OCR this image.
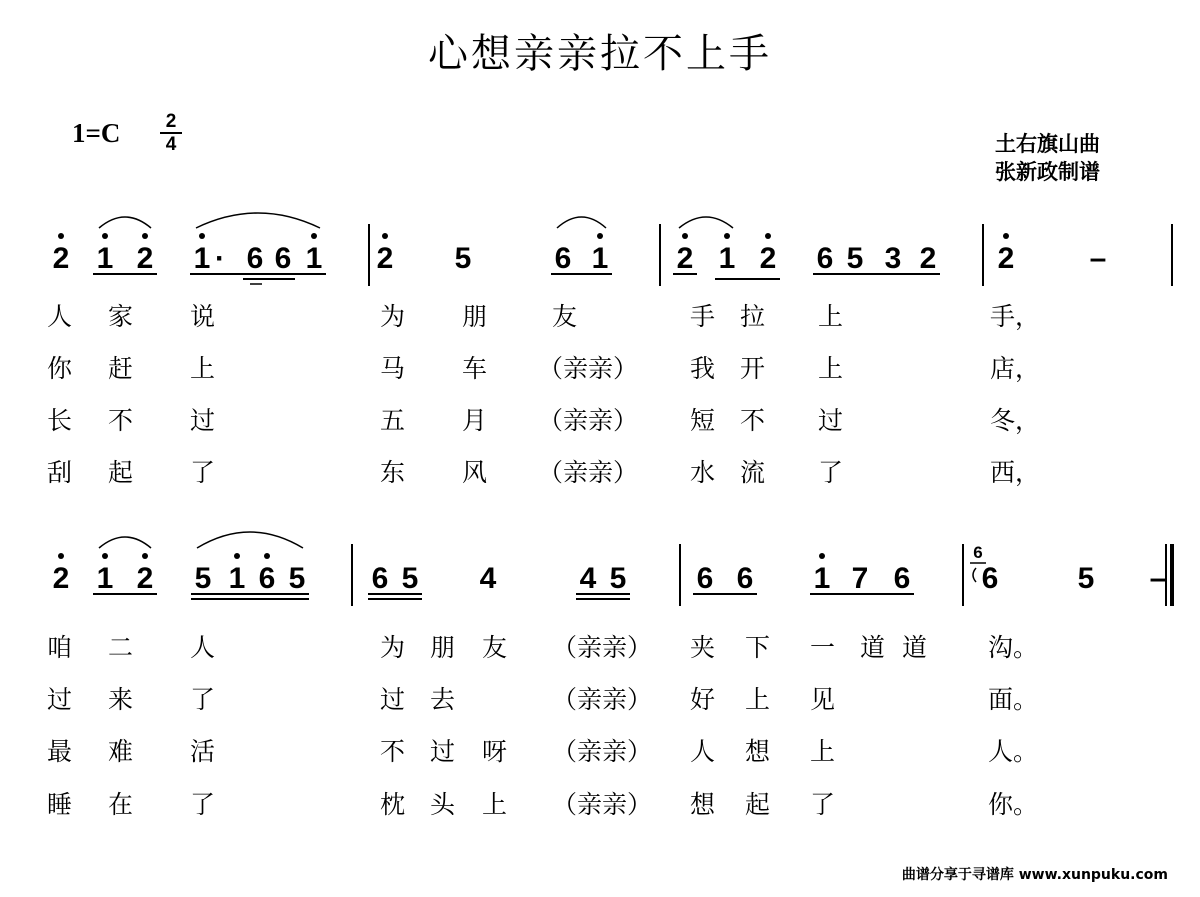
心想亲亲拉不上手
1=C	2
4	土右旗山曲
张新政制谱
2 1 2 1 · 6 6 1 2 5	6 1 2 1 2 6 5 3 2 2	–
人 家 说	为 朋	友	手 拉 上	手，
你 赶 上	马 车 （亲亲） 我 开 上	店，
长 不 过	五 月 （亲亲） 短 不 过	冬，
刮 起 了	东 风 （亲亲） 水 流 了	西，
2 1 2 5 1 6 5 6 5 4	4 5 6 6 1 7 6 6	5 –
6
咱 二 人	为 朋 友 （亲亲） 夹 下 一 道 道 沟。
过 来 了	过 去	（亲亲） 好 上 见	面。
最 难 活	不 过 呀 （亲亲） 人 想 上	人。
睡 在 了	枕 头 上 （亲亲） 想 起 了	你。
曲谱分享于寻谱库 www.xunpuku.com
